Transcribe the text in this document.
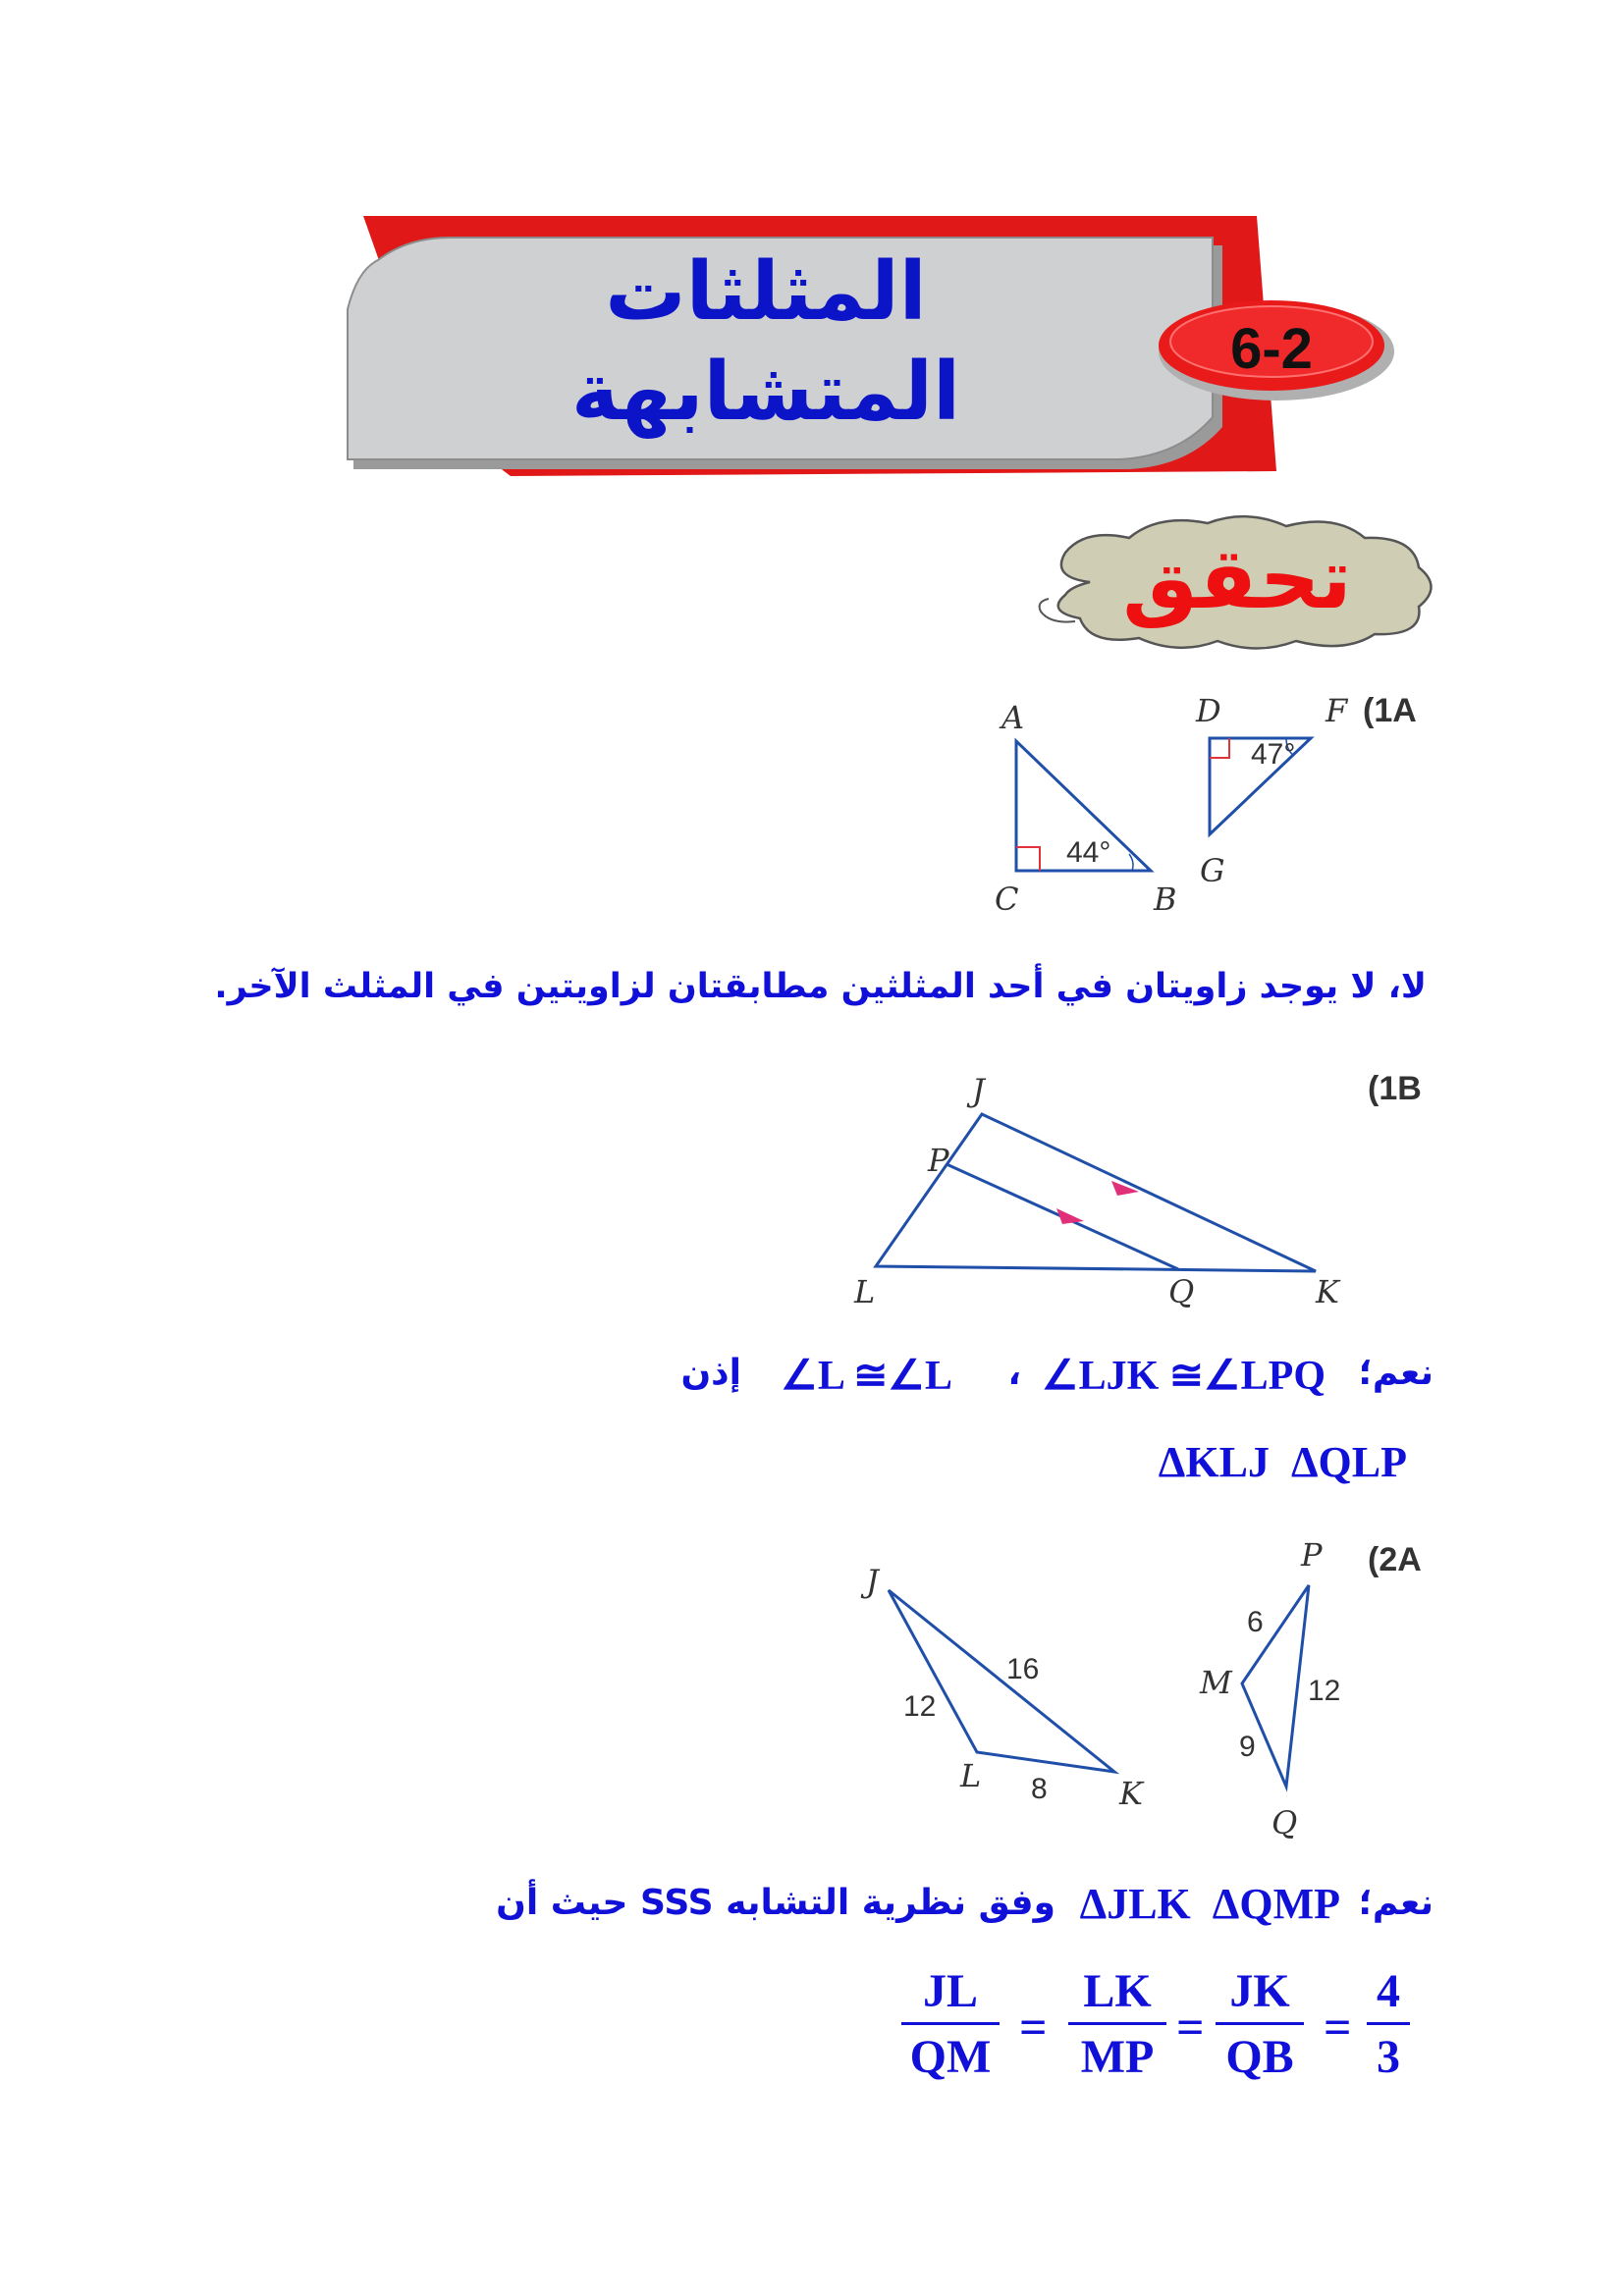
المثلثات
المتشابهة	6-2
تحقق
(1A
A
C	B
44°
D	F
G
47°
لا، لا يوجد زاويتان في أحد المثلثين مطابقتان لزاويتين في المثلث الآخر.
(1B
J
P
L	Q	K
نعم؛
∠LJK ≅∠LPQ
،
∠L ≅∠L
إذن
ΔKLJ  ΔQLP
(2A
J
L	K
16
12
8
P
M
Q
6
12
9
نعم؛
ΔJLK  ΔQMP
وفق نظرية التشابه SSS حيث أن
$\frac{JL}{QM} = \frac{LK}{MP} = \frac{JK}{QB} = \frac{4}{3}$
